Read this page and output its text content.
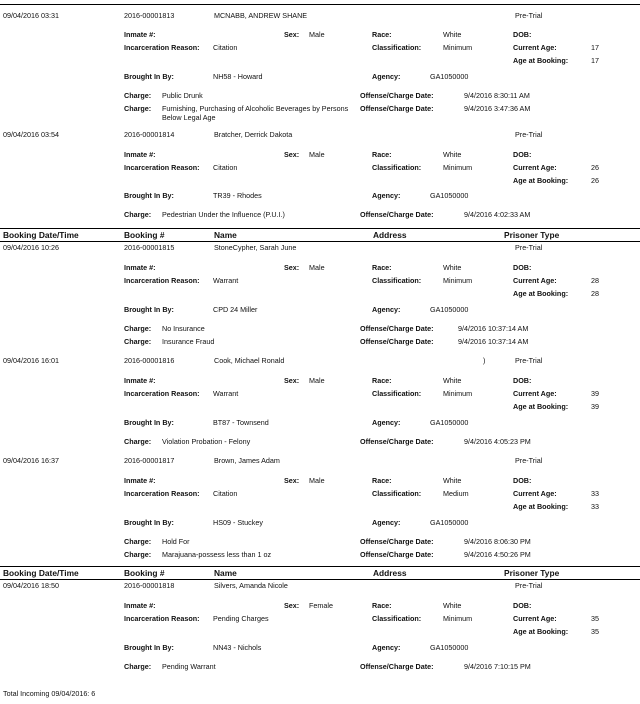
09/04/2016 03:31	2016-00001813	MCNABB, ANDREW SHANE	Pre-Trial
Inmate #:	Sex: Male	Race:	White	DOB:
Incarceration Reason: Citation	Classification:	Minimum	Current Age:	17
Age at Booking:	17
Brought In By:	NH58 - Howard	Agency:	GA1050000
Charge: Public Drunk	Offense/Charge Date:	9/4/2016 8:30:11 AM
Charge: Furnishing, Purchasing of Alcoholic Beverages by Persons Below Legal Age
Offense/Charge Date:	9/4/2016 3:47:36 AM
09/04/2016 03:54	2016-00001814	Bratcher, Derrick Dakota	Pre-Trial
Inmate #:	Sex: Male	Race:	White	DOB:
Incarceration Reason: Citation	Classification:	Minimum	Current Age:	26
Age at Booking:	26
Brought In By:	TR39 - Rhodes	Agency:	GA1050000
Charge: Pedestrian Under the Influence (P.U.I.)	Offense/Charge Date:	9/4/2016 4:02:33 AM
Booking Date/Time	Booking #	Name	Address	Prisoner Type
09/04/2016 10:26	2016-00001815	StoneCypher, Sarah June	Pre-Trial
Inmate #:	Sex: Male	Race:	White	DOB:
Incarceration Reason: Warrant	Classification:	Minimum	Current Age:	28
Age at Booking:	28
Brought In By:	CPD 24 Miller	Agency:	GA1050000
Charge: No Insurance	Offense/Charge Date:	9/4/2016 10:37:14 AM
Charge: Insurance Fraud	Offense/Charge Date:	9/4/2016 10:37:14 AM
09/04/2016 16:01	2016-00001816	Cook, Michael Ronald	)	Pre-Trial
Inmate #:	Sex: Male	Race:	White	DOB:
Incarceration Reason: Warrant	Classification:	Minimum	Current Age:	39
Age at Booking:	39
Brought In By:	BT87 - Townsend	Agency:	GA1050000
Charge: Violation Probation - Felony	Offense/Charge Date:	9/4/2016 4:05:23 PM
09/04/2016 16:37	2016-00001817	Brown, James Adam	Pre-Trial
Inmate #:	Sex: Male	Race:	White	DOB:
Incarceration Reason: Citation	Classification:	Medium	Current Age:	33
Age at Booking:	33
Brought In By:	HS09 - Stuckey	Agency:	GA1050000
Charge: Hold For	Offense/Charge Date:	9/4/2016 8:06:30 PM
Charge: Marajuana-possess less than 1 oz	Offense/Charge Date:	9/4/2016 4:50:26 PM
Booking Date/Time	Booking #	Name	Address	Prisoner Type
09/04/2016 18:50	2016-00001818	Silvers, Amanda Nicole	Pre-Trial
Inmate #:	Sex: Female	Race:	White	DOB:
Incarceration Reason: Pending Charges	Classification:	Minimum	Current Age:	35
Age at Booking:	35
Brought In By:	NN43 - Nichols	Agency:	GA1050000
Charge: Pending Warrant	Offense/Charge Date:	9/4/2016 7:10:15 PM
Total Incoming 09/04/2016: 6
